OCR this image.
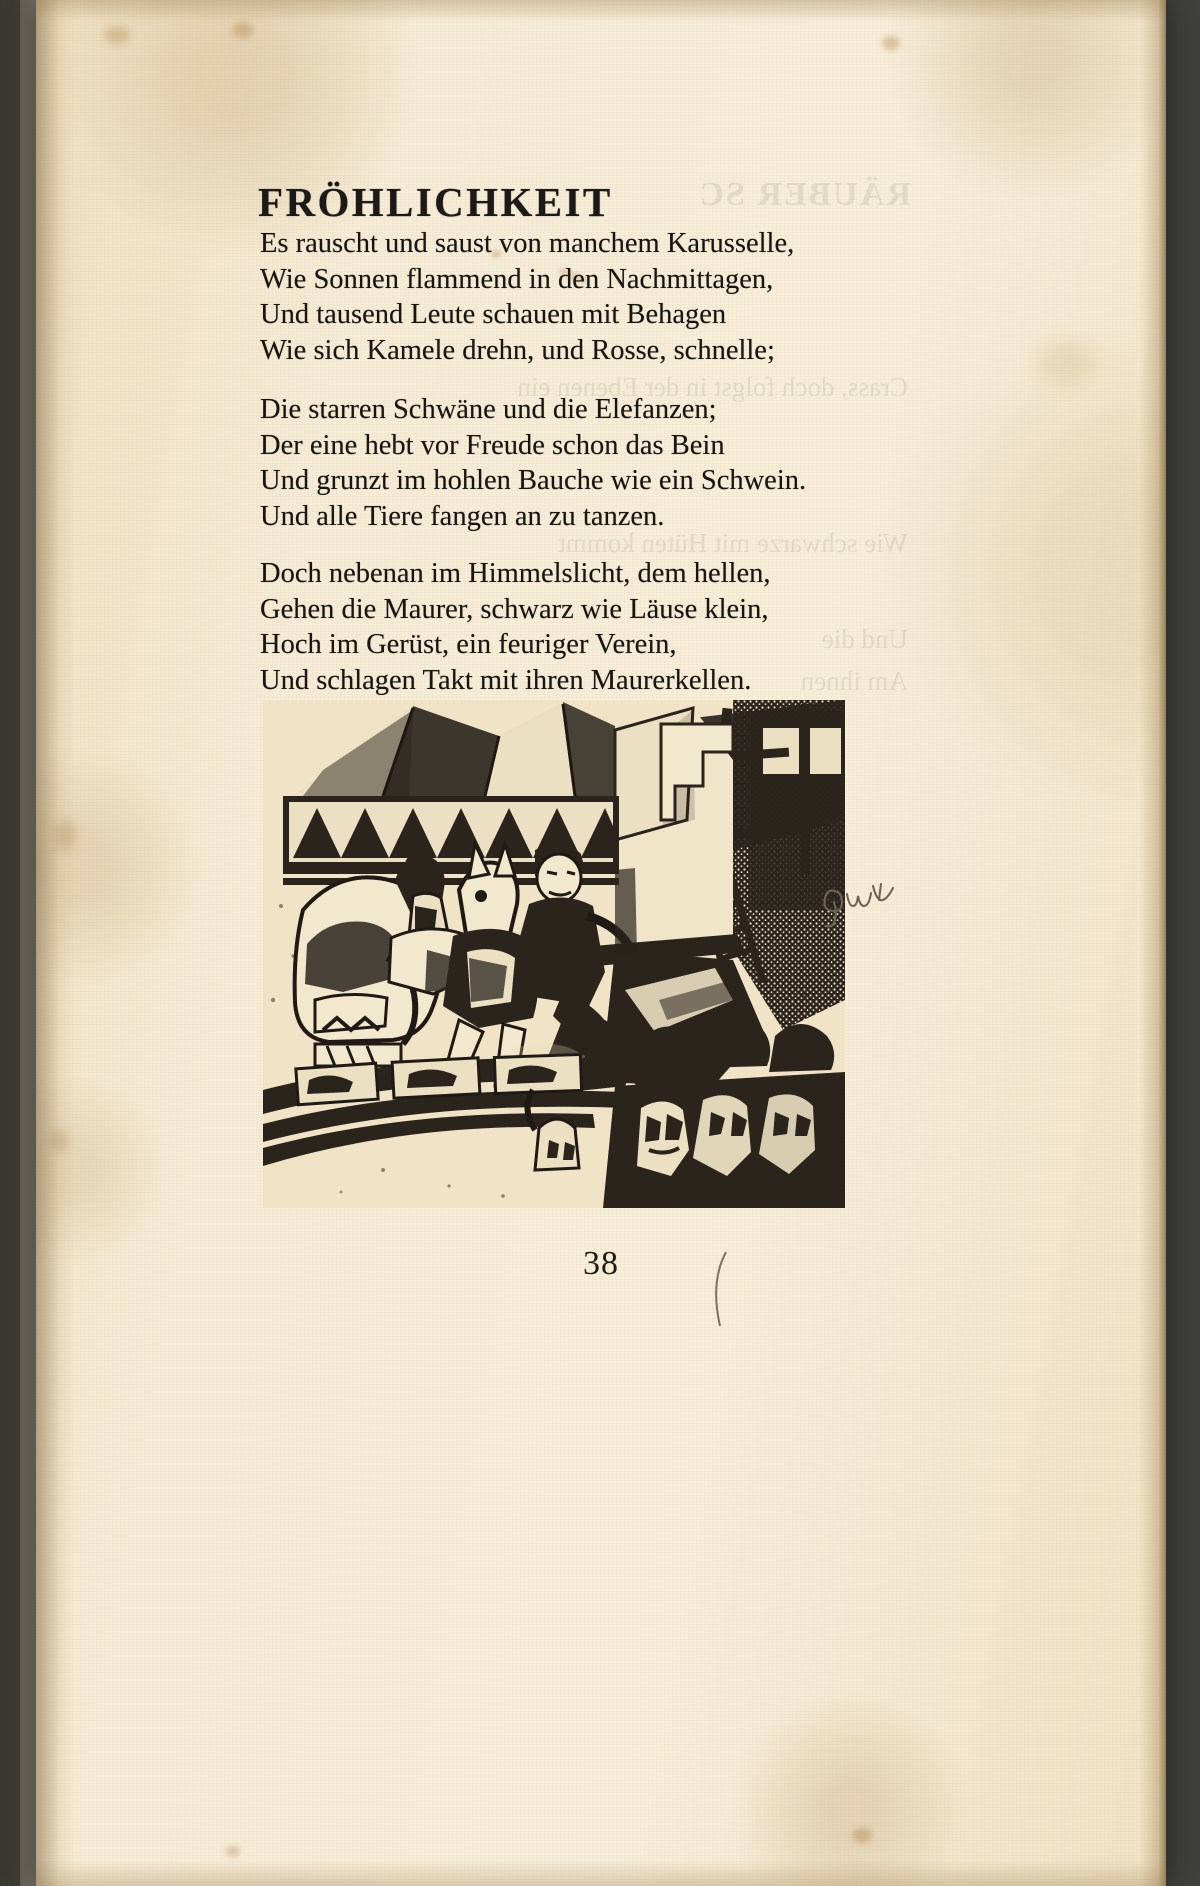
RÄUBER SC
Crass, doch folgst in der Ebenen ein
Wie schwarze mit Hüten kommt
Und die
Am ihnen
FRÖHLICHKEIT
Es rauscht und saust von manchem Karusselle,
Wie Sonnen flammend in den Nachmittagen,
Und tausend Leute schauen mit Behagen
Wie sich Kamele drehn, und Rosse, schnelle;
Die starren Schwäne und die Elefanzen;
Der eine hebt vor Freude schon das Bein
Und grunzt im hohlen Bauche wie ein Schwein.
Und alle Tiere fangen an zu tanzen.
Doch nebenan im Himmelslicht, dem hellen,
Gehen die Maurer, schwarz wie Läuse klein,
Hoch im Gerüst, ein feuriger Verein,
Und schlagen Takt mit ihren Maurerkellen.
38
